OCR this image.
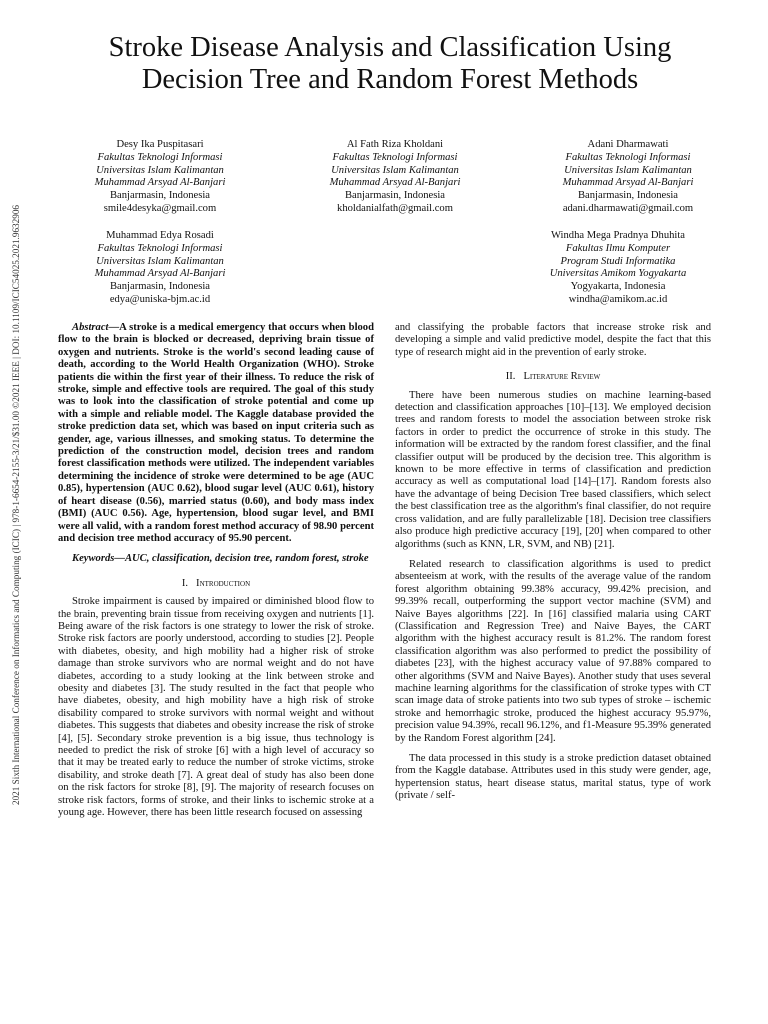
2021 Sixth International Conference on Informatics and Computing (ICIC) | 978-1-6654-2155-3/21/$31.00 ©2021 IEEE | DOI: 10.1109/ICIC54025.2021.9632906
Stroke Disease Analysis and Classification Using
Decision Tree and Random Forest Methods
Desy Ika Puspitasari
Fakultas Teknologi Informasi
Universitas Islam Kalimantan
Muhammad Arsyad Al-Banjari
Banjarmasin, Indonesia
smile4desyka@gmail.com
Al Fath Riza Kholdani
Fakultas Teknologi Informasi
Universitas Islam Kalimantan
Muhammad Arsyad Al-Banjari
Banjarmasin, Indonesia
kholdanialfath@gmail.com
Adani Dharmawati
Fakultas Teknologi Informasi
Universitas Islam Kalimantan
Muhammad Arsyad Al-Banjari
Banjarmasin, Indonesia
adani.dharmawati@gmail.com
Muhammad Edya Rosadi
Fakultas Teknologi Informasi
Universitas Islam Kalimantan
Muhammad Arsyad Al-Banjari
Banjarmasin, Indonesia
edya@uniska-bjm.ac.id
Windha Mega Pradnya Dhuhita
Fakultas Ilmu Komputer
Program Studi Informatika
Universitas Amikom Yogyakarta
Yogyakarta, Indonesia
windha@amikom.ac.id

Abstract—A stroke is a medical emergency that occurs when blood flow to the brain is blocked or decreased, depriving brain tissue of oxygen and nutrients. Stroke is the world's second leading cause of death, according to the World Health Organization (WHO). Stroke patients die within the first year of their illness. To reduce the risk of stroke, simple and effective tools are required. The goal of this study was to look into the classification of stroke potential and come up with a simple and reliable model. The Kaggle database provided the stroke prediction data set, which was based on input criteria such as gender, age, various illnesses, and smoking status. To determine the prediction of the construction model, decision trees and random forest classification methods were utilized. The independent variables determining the incidence of stroke were determined to be age (AUC 0.85), hypertension (AUC 0.62), blood sugar level (AUC 0.61), history of heart disease (0.56), married status (0.60), and body mass index (BMI) (AUC 0.56). Age, hypertension, blood sugar level, and BMI were all valid, with a random forest method accuracy of 98.90 percent and decision tree method accuracy of 95.90 percent.

Keywords—AUC, classification, decision tree, random forest, stroke

I. Introduction

Stroke impairment is caused by impaired or diminished blood flow to the brain, preventing brain tissue from receiving oxygen and nutrients [1]. Being aware of the risk factors is one strategy to lower the risk of stroke. Stroke risk factors are poorly understood, according to studies [2]. People with diabetes, obesity, and high mobility had a higher risk of stroke damage than stroke survivors who are normal weight and do not have diabetes, according to a study looking at the link between stroke and obesity and diabetes [3]. The study resulted in the fact that people who have diabetes, obesity, and high mobility have a high risk of stroke disability compared to stroke survivors with normal weight and without diabetes. This suggests that diabetes and obesity increase the risk of stroke [4], [5]. Secondary stroke prevention is a big issue, thus technology is needed to predict the risk of stroke [6] with a high level of accuracy so that it may be treated early to reduce the number of stroke victims, stroke disability, and stroke death [7]. A great deal of study has also been done on the risk factors for stroke [8], [9]. The majority of research focuses on stroke risk factors, forms of stroke, and their links to ischemic stroke at a young age. However, there has been little research focused on assessing

and classifying the probable factors that increase stroke risk and developing a simple and valid predictive model, despite the fact that this type of research might aid in the prevention of early stroke.

II. Literature Review

There have been numerous studies on machine learning-based detection and classification approaches [10]–[13]. We employed decision trees and random forests to model the association between stroke risk factors in order to predict the occurrence of stroke in this study. The information will be extracted by the random forest classifier, and the final classifier output will be produced by the decision tree. This algorithm is known to be more effective in terms of classification and prediction accuracy as well as computational load [14]–[17]. Random forests also have the advantage of being Decision Tree based classifiers, which select the best classification tree as the algorithm's final classifier, do not require cross validation, and are fully parallelizable [18]. Decision tree classifiers also produce high predictive accuracy [19], [20] when compared to other algorithms (such as KNN, LR, SVM, and NB) [21].

Related research to classification algorithms is used to predict absenteeism at work, with the results of the average value of the random forest algorithm obtaining 99.38% accuracy, 99.42% precision, and 99.39% recall, outperforming the support vector machine (SVM) and Naive Bayes algorithms [22]. In [16] classified malaria using CART (Classification and Regression Tree) and Naive Bayes, the CART algorithm with the highest accuracy result is 81.2%. The random forest classification algorithm was also performed to predict the possibility of diabetes [23], with the highest accuracy value of 97.88% compared to other algorithms (SVM and Naive Bayes). Another study that uses several machine learning algorithms for the classification of stroke types with CT scan image data of stroke patients into two sub types of stroke – ischemic stroke and hemorrhagic stroke, produced the highest accuracy 95.97%, precision value 94.39%, recall 96.12%, and f1-Measure 95.39% generated by the Random Forest algorithm [24].

The data processed in this study is a stroke prediction dataset obtained from the Kaggle database. Attributes used in this study were gender, age, hypertension status, heart disease status, marital status, type of work (private / self-
